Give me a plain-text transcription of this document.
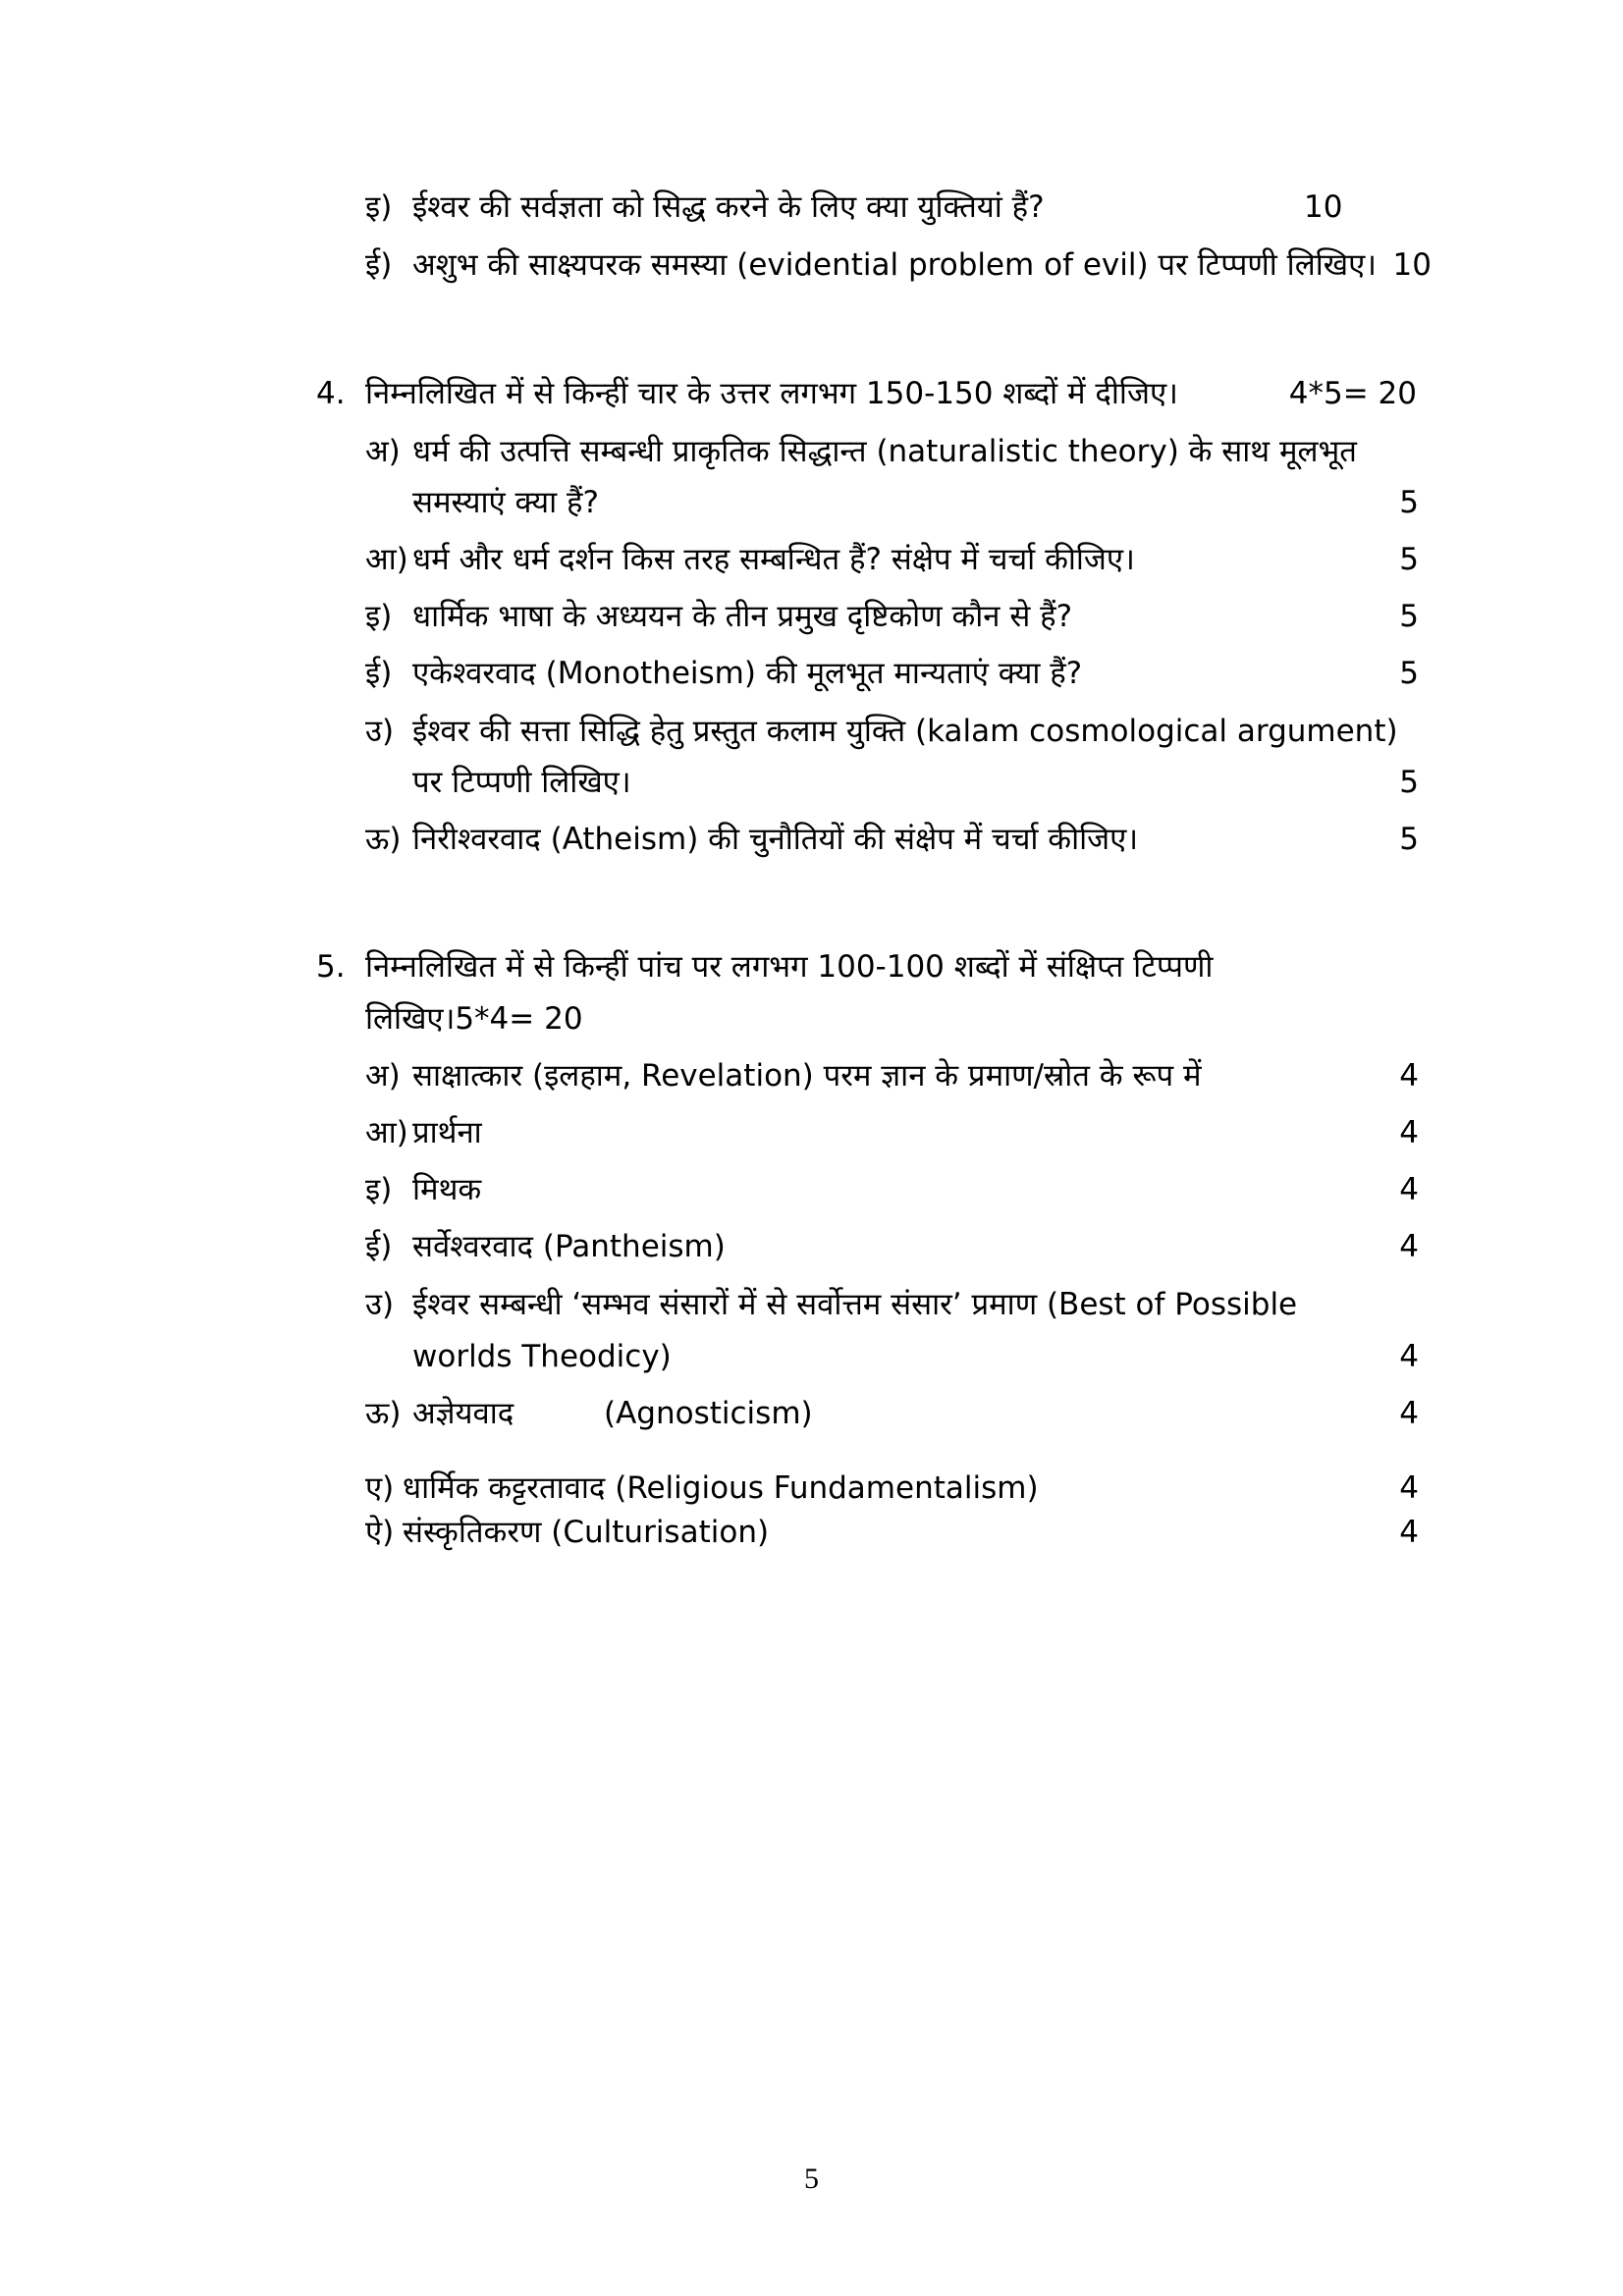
इ) ईश्वर की सर्वज्ञता को सिद्ध करने के लिए क्या युक्तियां हैं?	10
ई) अशुभ की साक्ष्यपरक समस्या (evidential problem of evil) पर टिप्पणी लिखिए। 10
4. निम्नलिखित में से किन्हीं चार के उत्तर लगभग 150-150 शब्दों में दीजिए।	4*5= 20
अ) धर्म की उत्पत्ति सम्बन्धी प्राकृतिक सिद्धान्त (naturalistic theory) के साथ मूलभूत
समस्याएं क्या हैं?	5
आ) धर्म और धर्म दर्शन किस तरह सम्बन्धित हैं? संक्षेप में चर्चा कीजिए।	5
इ) धार्मिक भाषा के अध्ययन के तीन प्रमुख दृष्टिकोण कौन से हैं?	5
ई) एकेश्वरवाद (Monotheism) की मूलभूत मान्यताएं क्या हैं?	5
उ) ईश्वर की सत्ता सिद्धि हेतु प्रस्तुत कलाम युक्ति (kalam cosmological argument)
पर टिप्पणी लिखिए।	5
ऊ) निरीश्वरवाद (Atheism) की चुनौतियों की संक्षेप में चर्चा कीजिए।	5
5. निम्नलिखित में से किन्हीं पांच पर लगभग 100-100 शब्दों में संक्षिप्त टिप्पणी
लिखिए।5*4= 20
अ) साक्षात्कार (इलहाम, Revelation) परम ज्ञान के प्रमाण/स्रोत के रूप में	4
आ) प्रार्थना	4
इ) मिथक	4
ई) सर्वेश्वरवाद (Pantheism)	4
उ) ईश्वर सम्बन्धी ‘सम्भव संसारों में से सर्वोत्तम संसार’ प्रमाण (Best of Possible
worlds Theodicy)	4
ऊ) अज्ञेयवाद	(Agnosticism)	4
ए) धार्मिक कट्टरतावाद (Religious Fundamentalism)	4
ऐ) संस्कृतिकरण (Culturisation)	4
5
